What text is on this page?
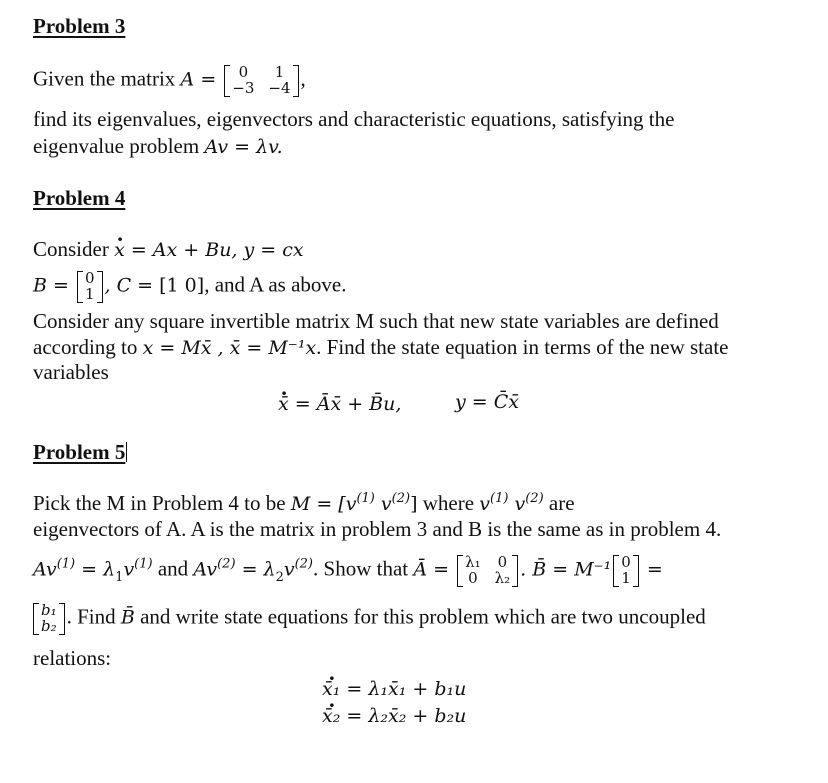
Problem 3
Given the matrix A =	0	1
−3 −4 ,
find its eigenvalues, eigenvectors and characteristic equations, satisfying the
eigenvalue problem Av = λv.
Problem 4
Consider x · = Ax + Bu, y = cx
B = 0
1 , C = [1 0], and A as above.
Consider any square invertible matrix M such that new state variables are defined
according to x = Mx̄ , x̄ = M⁻¹x. Find the state equation in terms of the new state
variables
x̄ · = Āx̄ + B̄u,	y = C̄x̄
Problem 5
Pick the M in Problem 4 to be $M = [v^{(1)}$ $v^{(2)}$] where $v^{(1)}$ $v^{(2)}$ are
eigenvectors of A. A is the matrix in problem 3 and B is the same as in problem 4.
$Av^{(1)} = \lambda_1v^{(1)}$ and $Av^{(2)} = \lambda_2v^{(2)}$. Show that Ā = λ₁ 0
0 λ₂ . B̄ = M⁻¹ 0
1 =
b₁
b₂ . Find B̄ and write state equations for this problem which are two uncoupled
relations:
x̄₁ · = λ₁x̄₁ + b₁u
x̄₂ · = λ₂x̄₂ + b₂u
